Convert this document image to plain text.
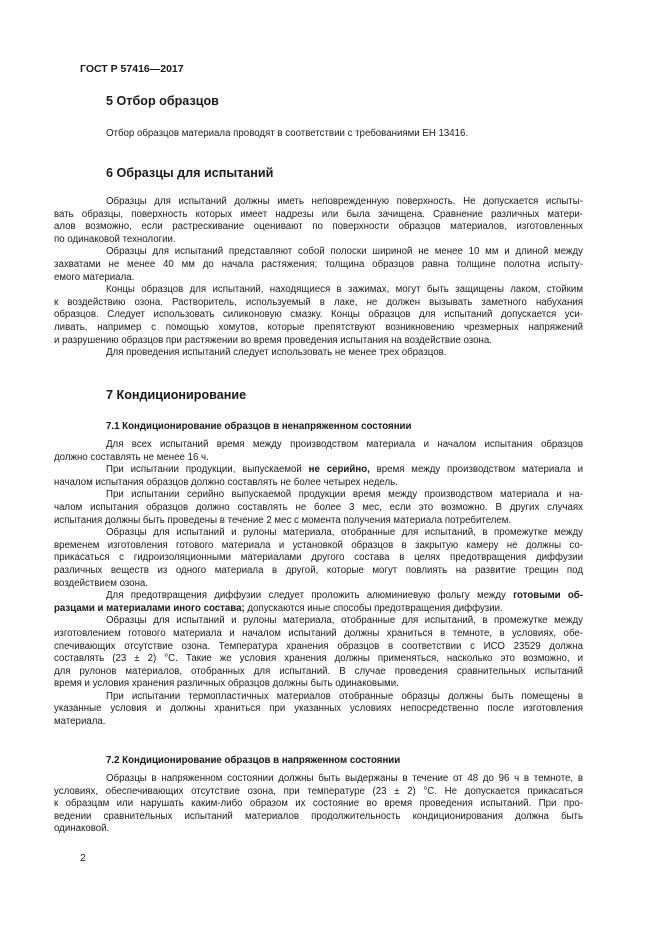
ГОСТ Р 57416—2017
5 Отбор образцов
Отбор образцов материала проводят в соответствии с требованиями ЕН 13416.
6 Образцы для испытаний

Образцы для испытаний должны иметь неповрежденную поверхность. Не допускается испыты-
вать образцы, поверхность которых имеет надрезы или была зачищена. Сравнение различных матери-
алов возможно, если растрескивание оценивают по поверхности образцов материалов, изготовленных
по одинаковой технологии.

Образцы для испытаний представляют собой полоски шириной не менее 10 мм и длиной между
захватами не менее 40 мм до начала растяжения; толщина образцов равна толщине полотна испыту-
емого материала.

Концы образцов для испытаний, находящиеся в зажимах, могут быть защищены лаком, стойким
к воздействию озона. Растворитель, используемый в лаке, не должен вызывать заметного набухания
образцов. Следует использовать силиконовую смазку. Концы образцов для испытаний допускается уси-
ливать, например с помощью хомутов, которые препятствуют возникновению чрезмерных напряжений
и разрушению образцов при растяжении во время проведения испытания на воздействие озона.

Для проведения испытаний следует использовать не менее трех образцов.

7 Кондиционирование
7.1 Кондиционирование образцов в ненапряженном состоянии

Для всех испытаний время между производством материала и началом испытания образцов
должно составлять не менее 16 ч.

При испытании продукции, выпускаемой не серийно, время между производством материала и
началом испытания образцов должно составлять не более четырех недель.

При испытании серийно выпускаемой продукции время между производством материала и на-
чалом испытания образцов должно составлять не более 3 мес, если это возможно. В других случаях
испытания должны быть проведены в течение 2 мес с момента получения материала потребителем.

Образцы для испытаний и рулоны материала, отобранные для испытаний, в промежутке между
временем изготовления готового материала и установкой образцов в закрытую камеру не должны со-
прикасаться с гидроизоляционными материалами другого состава в целях предотвращения диффузии
различных веществ из одного материала в другой, которые могут повлиять на развитие трещин под
воздействием озона.

Для предотвращения диффузии следует проложить алюминиевую фольгу между готовыми об-
разцами и материалами иного состава; допускаются иные способы предотвращения диффузии.

Образцы для испытаний и рулоны материала, отобранные для испытаний, в промежутке между
изготовлением готового материала и началом испытаний должны храниться в темноте, в условиях, обе-
спечивающих отсутствие озона. Температура хранения образцов в соответствии с ИСО 23529 должна
составлять (23 ± 2) °С. Такие же условия хранения должны применяться, насколько это возможно, и
для рулонов материалов, отобранных для испытаний. В случае проведения сравнительных испытаний
время и условия хранения различных образцов должны быть одинаковыми.

При испытании термопластичных материалов отобранные образцы должны быть помещены в
указанные условия и должны храниться при указанных условиях непосредственно после изготовления
материала.

7.2 Кондиционирование образцов в напряженном состоянии

Образцы в напряженном состоянии должны быть выдержаны в течение от 48 до 96 ч в темноте, в
условиях, обеспечивающих отсутствие озона, при температуре (23 ± 2) °С. Не допускается прикасаться
к образцам или нарушать каким-либо образом их состояние во время проведения испытаний. При про-
ведении сравнительных испытаний материалов продолжительность кондиционирования должна быть
одинаковой.

2
